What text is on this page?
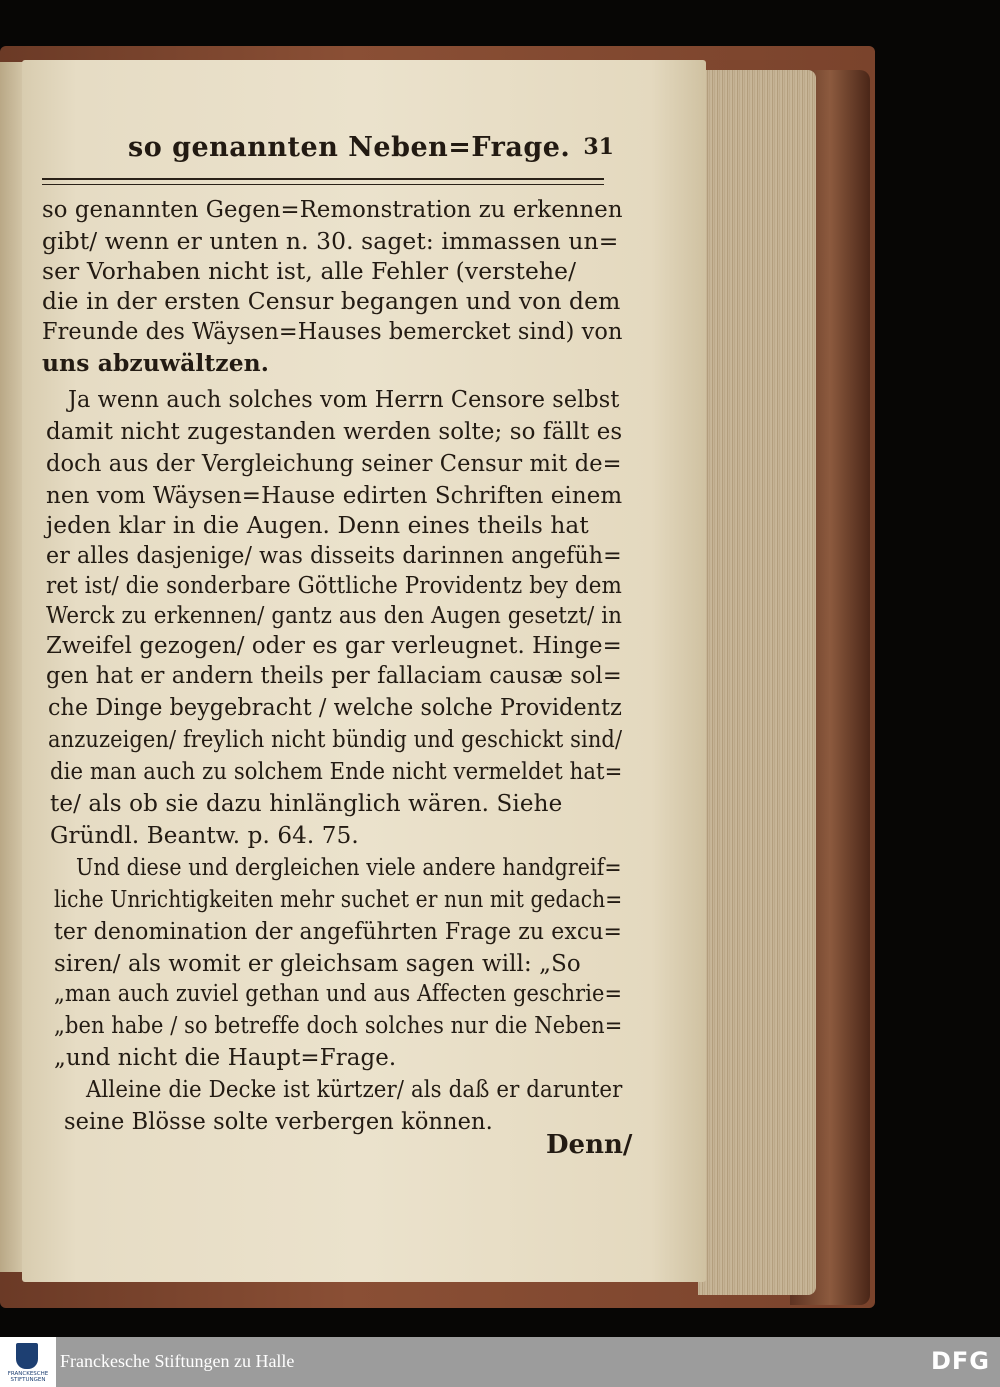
so genannten Neben=Frage. 31
so genannten Gegen=Remonstration zu erkennen
gibt/ wenn er unten n. 30. saget: immassen un=
ser Vorhaben nicht ist, alle Fehler (verstehe/
die in der ersten Censur begangen und von dem
Freunde des Wäysen=Hauses bemercket sind) von
uns abzuwältzen.
Ja wenn auch solches vom Herrn Censore selbst
damit nicht zugestanden werden solte; so fällt es
doch aus der Vergleichung seiner Censur mit de=
nen vom Wäysen=Hause edirten Schriften einem
jeden klar in die Augen. Denn eines theils hat
er alles dasjenige/ was disseits darinnen angefüh=
ret ist/ die sonderbare Göttliche Providentz bey dem
Werck zu erkennen/ gantz aus den Augen gesetzt/ in
Zweifel gezogen/ oder es gar verleugnet. Hinge=
gen hat er andern theils per fallaciam causæ sol=
che Dinge beygebracht / welche solche Providentz
anzuzeigen/ freylich nicht bündig und geschickt sind/
die man auch zu solchem Ende nicht vermeldet hat=
te/ als ob sie dazu hinlänglich wären. Siehe
Gründl. Beantw. p. 64. 75.
Und diese und dergleichen viele andere handgreif=
liche Unrichtigkeiten mehr suchet er nun mit gedach=
ter denomination der angeführten Frage zu excu=
siren/ als womit er gleichsam sagen will: „So
„man auch zuviel gethan und aus Affecten geschrie=
„ben habe / so betreffe doch solches nur die Neben=
„und nicht die Haupt=Frage.
Alleine die Decke ist kürtzer/ als daß er darunter
seine Blösse solte verbergen können.
Denn/
FRANCKESCHE STIFTUNGEN
Franckesche Stiftungen zu Halle	DFG
